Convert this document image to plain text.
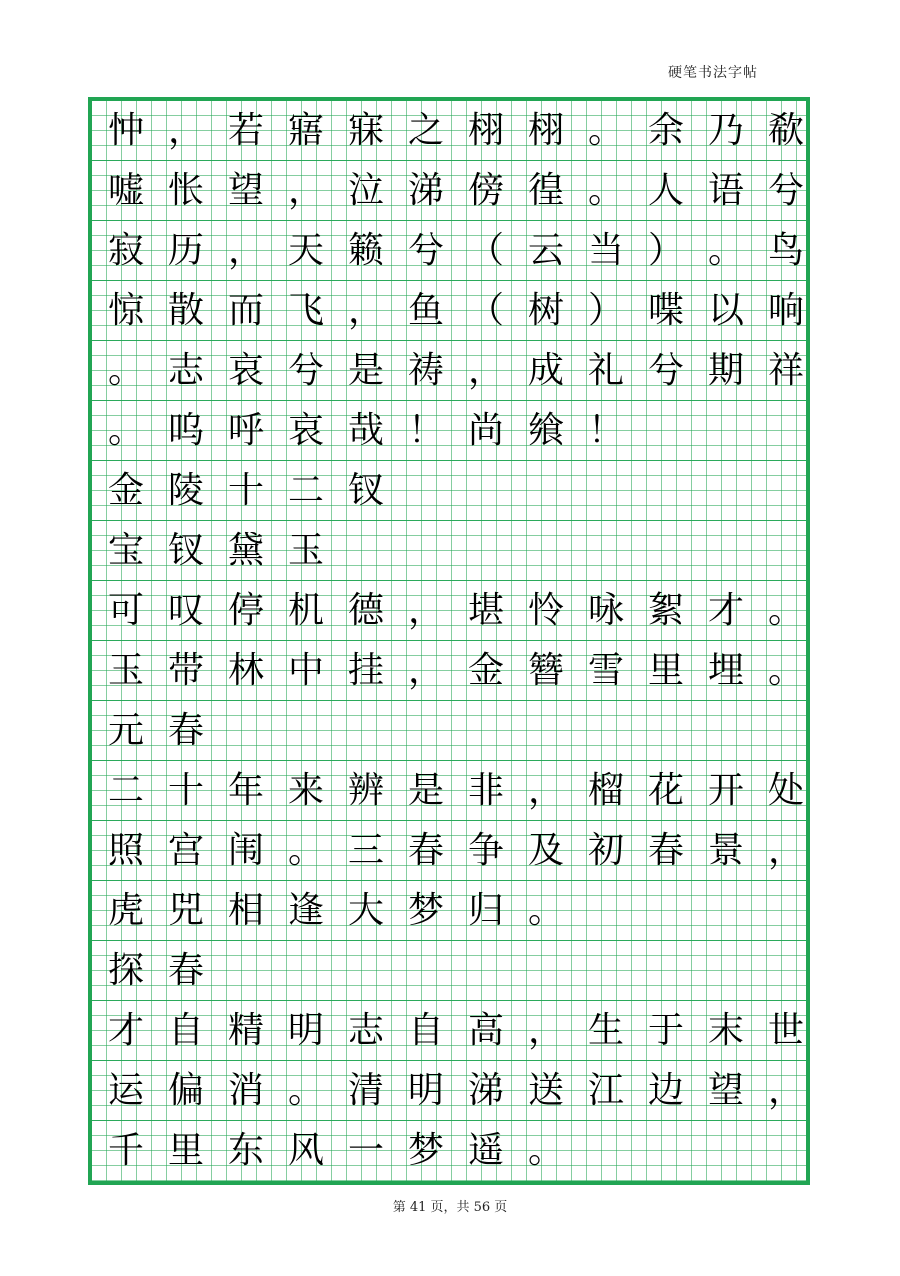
硬笔书法字帖
忡 ， 若 寤 寐 之 栩 栩 。 余 乃 欷
嘘 怅 望 ， 泣 涕 傍 徨 。 人 语 兮
寂 历 ， 天 籁 兮 （ 云 当 ） 。 鸟
惊 散 而 飞 ， 鱼 （ 树 ） 喋 以 响
。 志 哀 兮 是 祷 ， 成 礼 兮 期 祥
。 呜 呼 哀 哉 ！ 尚 飨 ！
金 陵 十 二 钗
宝 钗 黛 玉
可 叹 停 机 德 ， 堪 怜 咏 絮 才 。
玉 带 林 中 挂 ， 金 簪 雪 里 埋 。
元 春
二 十 年 来 辨 是 非 ， 榴 花 开 处
照 宫 闱 。 三 春 争 及 初 春 景 ，
虎 兕 相 逢 大 梦 归 。
探 春
才 自 精 明 志 自 高 ， 生 于 末 世
运 偏 消 。 清 明 涕 送 江 边 望 ，
千 里 东 风 一 梦 遥 。
第 41 页，共 56 页
